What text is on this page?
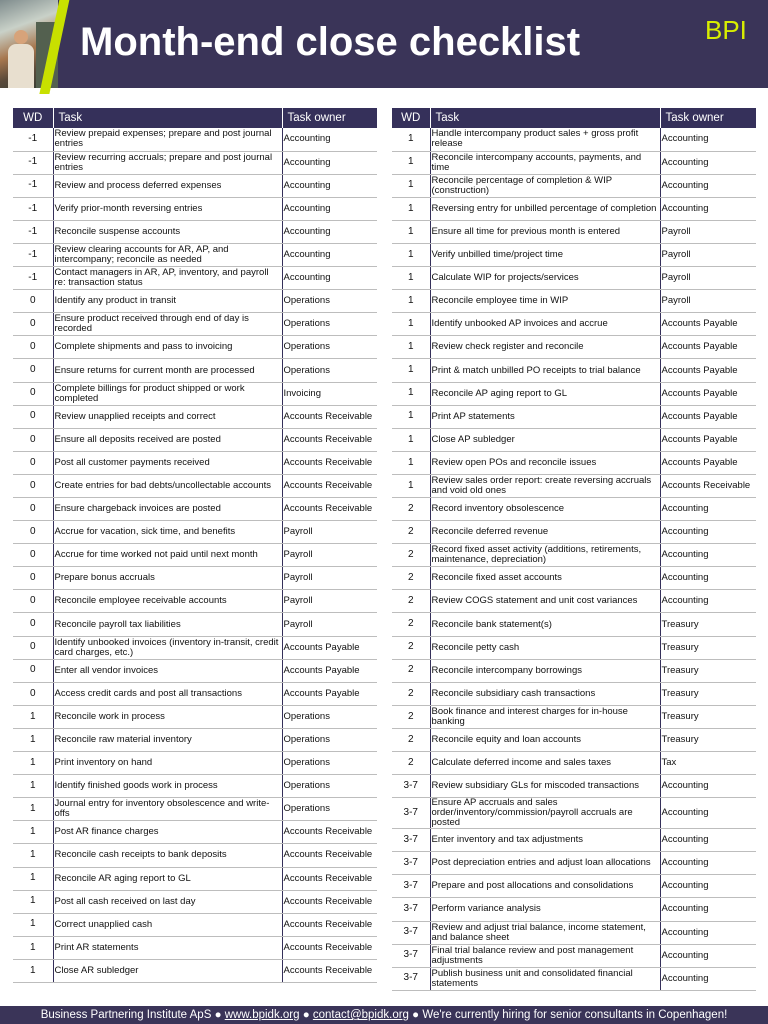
Month-end close checklist	BPI
WD	Task	Task owner
-1	Review prepaid expenses; prepare and post journal entries	Accounting
-1	Review recurring accruals; prepare and post journal entries	Accounting
-1	Review and process deferred expenses	Accounting
-1	Verify prior-month reversing entries	Accounting
-1	Reconcile suspense accounts	Accounting
-1	Review clearing accounts for AR, AP, and intercompany; reconcile as needed	Accounting
-1	Contact managers in AR, AP, inventory, and payroll re: transaction status	Accounting
0	Identify any product in transit	Operations
0	Ensure product received through end of day is recorded	Operations
0	Complete shipments and pass to invoicing	Operations
0	Ensure returns for current month are processed	Operations
0	Complete billings for product shipped or work completed	Invoicing
0	Review unapplied receipts and correct	Accounts Receivable
0	Ensure all deposits received are posted	Accounts Receivable
0	Post all customer payments received	Accounts Receivable
0	Create entries for bad debts/uncollectable accounts	Accounts Receivable
0	Ensure chargeback invoices are posted	Accounts Receivable
0	Accrue for vacation, sick time, and benefits	Payroll
0	Accrue for time worked not paid until next month	Payroll
0	Prepare bonus accruals	Payroll
0	Reconcile employee receivable accounts	Payroll
0	Reconcile payroll tax liabilities	Payroll
0	Identify unbooked invoices (inventory in-transit, credit card charges, etc.)	Accounts Payable
0	Enter all vendor invoices	Accounts Payable
0	Access credit cards and post all transactions	Accounts Payable
1	Reconcile work in process	Operations
1	Reconcile raw material inventory	Operations
1	Print inventory on hand	Operations
1	Identify finished goods work in process	Operations
1	Journal entry for inventory obsolescence and write-offs	Operations
1	Post AR finance charges	Accounts Receivable
1	Reconcile cash receipts to bank deposits	Accounts Receivable
1	Reconcile AR aging report to GL	Accounts Receivable
1	Post all cash received on last day	Accounts Receivable
1	Correct unapplied cash	Accounts Receivable
1	Print AR statements	Accounts Receivable
1	Close AR subledger	Accounts Receivable
WD	Task	Task owner
1	Handle intercompany product sales + gross profit release	Accounting
1	Reconcile intercompany accounts, payments, and time	Accounting
1	Reconcile percentage of completion & WIP (construction)	Accounting
1	Reversing entry for unbilled percentage of completion	Accounting
1	Ensure all time for previous month is entered	Payroll
1	Verify unbilled time/project time	Payroll
1	Calculate WIP for projects/services	Payroll
1	Reconcile employee time in WIP	Payroll
1	Identify unbooked AP invoices and accrue	Accounts Payable
1	Review check register and reconcile	Accounts Payable
1	Print & match unbilled PO receipts to trial balance	Accounts Payable
1	Reconcile AP aging report to GL	Accounts Payable
1	Print AP statements	Accounts Payable
1	Close AP subledger	Accounts Payable
1	Review open POs and reconcile issues	Accounts Payable
1	Review sales order report: create reversing accruals and void old ones	Accounts Receivable
2	Record inventory obsolescence	Accounting
2	Reconcile deferred revenue	Accounting
2	Record fixed asset activity (additions, retirements, maintenance, depreciation)	Accounting
2	Reconcile fixed asset accounts	Accounting
2	Review COGS statement and unit cost variances	Accounting
2	Reconcile bank statement(s)	Treasury
2	Reconcile petty cash	Treasury
2	Reconcile intercompany borrowings	Treasury
2	Reconcile subsidiary cash transactions	Treasury
2	Book finance and interest charges for in-house banking	Treasury
2	Reconcile equity and loan accounts	Treasury
2	Calculate deferred income and sales taxes	Tax
3-7	Review subsidiary GLs for miscoded transactions	Accounting
3-7	Ensure AP accruals and sales order/inventory/commission/payroll accruals are posted	Accounting
3-7	Enter inventory and tax adjustments	Accounting
3-7	Post depreciation entries and adjust loan allocations	Accounting
3-7	Prepare and post allocations and consolidations	Accounting
3-7	Perform variance analysis	Accounting
3-7	Review and adjust trial balance, income statement, and balance sheet	Accounting
3-7	Final trial balance review and post management adjustments	Accounting
3-7	Publish business unit and consolidated financial statements	Accounting
Business Partnering Institute ApS ● www.bpidk.org ● contact@bpidk.org ● We're currently hiring for senior consultants in Copenhagen!
